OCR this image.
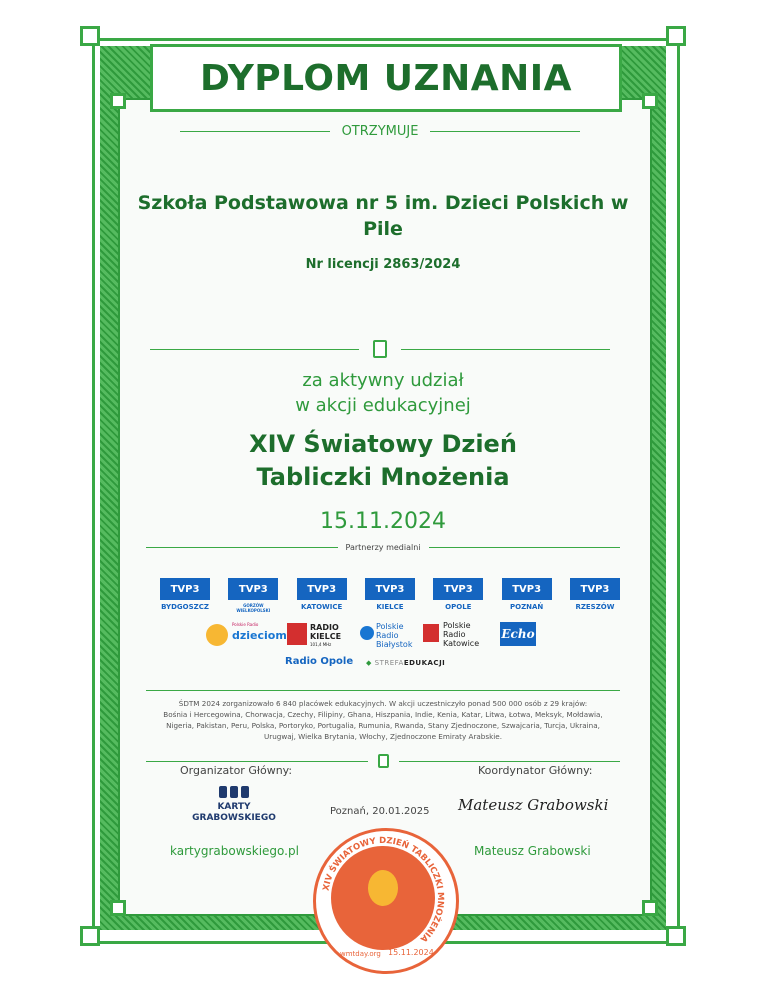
DYPLOM UZNANIA
OTRZYMUJE
Szkoła Podstawowa nr 5 im. Dzieci Polskich w
Pile
Nr licencji 2863/2024
za aktywny udział
w akcji edukacyjnej
XIV Światowy Dzień
Tabliczki Mnożenia
15.11.2024
Partnerzy medialni
TVP3
BYDGOSZCZ
TVP3
GORZÓW WIELKOPOLSKI
TVP3
KATOWICE
TVP3
KIELCE
TVP3
OPOLE
TVP3
POZNAŃ
TVP3
RZESZÓW
Polskie Radio
dzieciom
RADIO KIELCE
101,4 MHz
Polskie
Radio
Białystok
Polskie
Radio
Katowice
Echo
Radio Opole ◆ STREFAEDUKACJI
ŚDTM 2024 zorganizowało 6 840 placówek edukacyjnych. W akcji uczestniczyło ponad 500 000 osób z 29 krajów:
Bośnia i Hercegowina, Chorwacja, Czechy, Filipiny, Ghana, Hiszpania, Indie, Kenia, Katar, Litwa, Łotwa, Meksyk, Mołdawia,
Nigeria, Pakistan, Peru, Polska, Portoryko, Portugalia, Rumunia, Rwanda, Stany Zjednoczone, Szwajcaria, Turcja, Ukraina,
Urugwaj, Wielka Brytania, Włochy, Zjednoczone Emiraty Arabskie.
Organizator Główny:	Koordynator Główny:
KARTY
GRABOWSKIEGO
Poznań, 20.01.2025 Mateusz Grabowski
kartygrabowskiego.pl	Mateusz Grabowski
XIV ŚWIATOWY DZIEŃ TABLICZKI MNOŻENIA
wmtday.org 15.11.2024
